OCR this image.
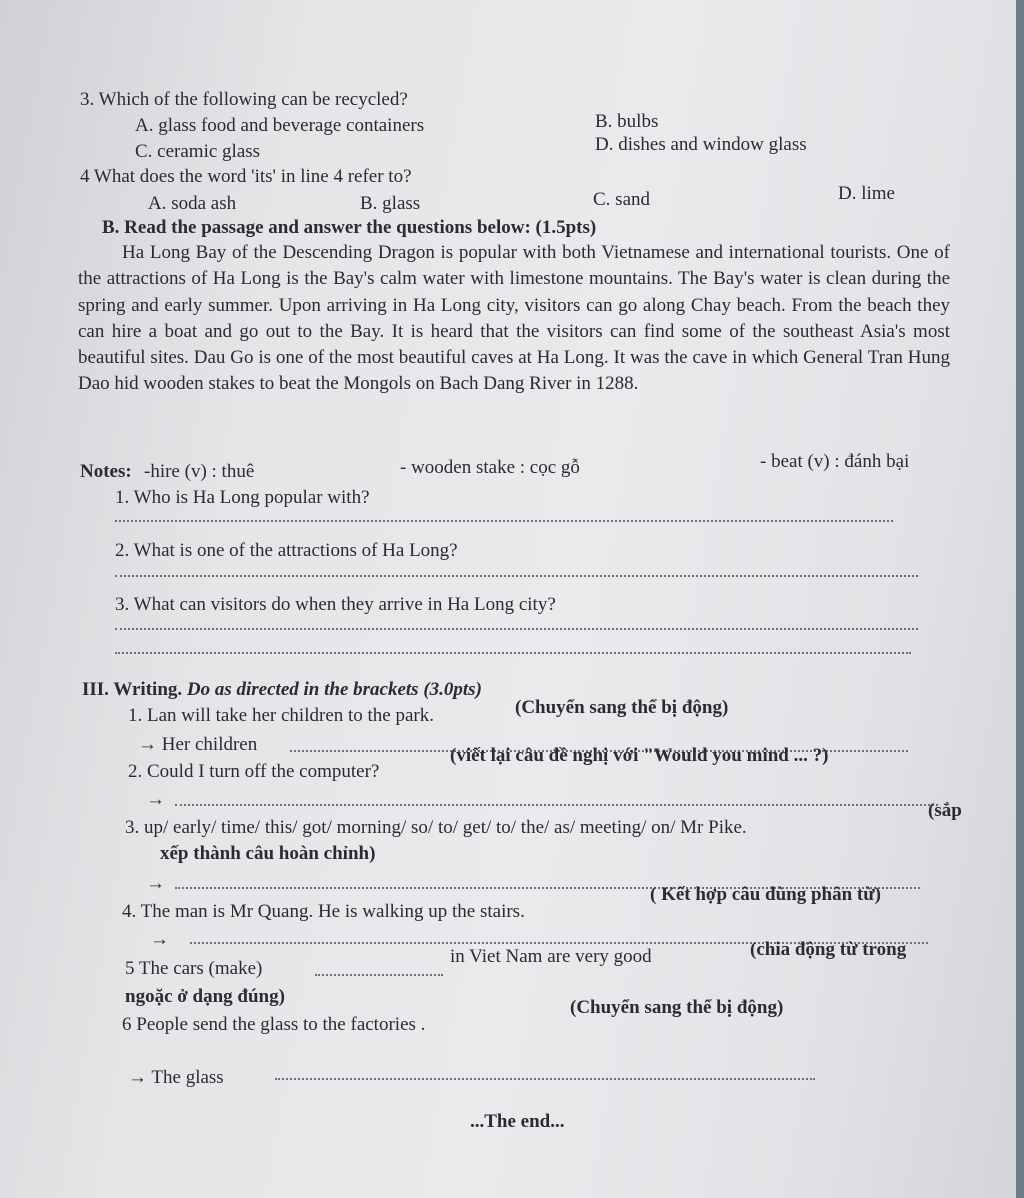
3. Which of the following can be recycled?
A. glass food and beverage containers	B. bulbs
C. ceramic glass	D. dishes and window glass
4 What does the word 'its' in line 4 refer to?
A. soda ash	B. glass	C. sand	D. lime
B. Read the passage and answer the questions below: (1.5pts)
Ha Long Bay of the Descending Dragon is popular with both Vietnamese and international tourists. One of the attractions of Ha Long is the Bay's calm water with limestone mountains. The Bay's water is clean during the spring and early summer. Upon arriving in Ha Long city, visitors can go along Chay beach. From the beach they can hire a boat and go out to the Bay. It is heard that the visitors can find some of the southeast Asia's most beautiful sites. Dau Go is one of the most beautiful caves at Ha Long. It was the cave in which General Tran Hung Dao hid wooden stakes to beat the Mongols on Bach Dang River in 1288.
Notes: -hire (v) : thuê	- wooden stake : cọc gỗ	- beat (v) : đánh bại
1. Who is Ha Long popular with?
2. What is one of the attractions of Ha Long?
3. What can visitors do when they arrive in Ha Long city?
III. Writing. Do as directed in the brackets (3.0pts)
1. Lan will take her children to the park.	(Chuyển sang thể bị động)
→ Her children
2. Could I turn off the computer?
(viết lại câu đề nghị với "Would you mind ... ?)
→
3. up/ early/ time/ this/ got/ morning/ so/ to/ get/ to/ the/ as/ meeting/ on/ Mr Pike.
(sắp
xếp thành câu hoàn chỉnh)
→
4. The man is Mr Quang. He is walking up the stairs.
( Kết hợp câu dùng phân từ)
→
5 The cars (make)
in Viet Nam are very good	(chia động từ trong
ngoặc ở dạng đúng)
6 People send the glass to the factories .
(Chuyển sang thể bị động)
→ The glass
...The end...
